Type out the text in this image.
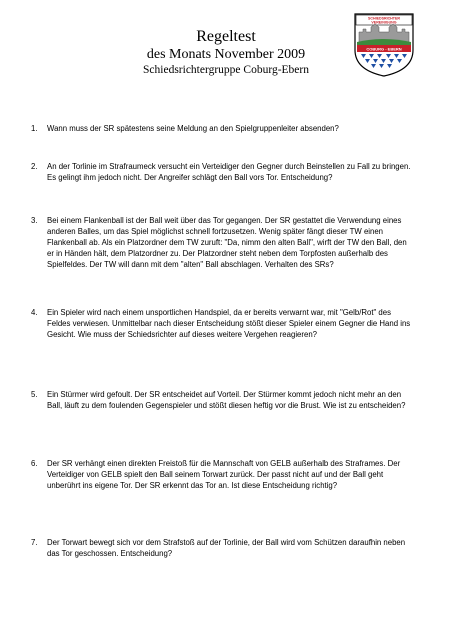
Regeltest

des Monats November 2009

Schiedsrichtergruppe Coburg-Ebern

SCHIEDSRICHTER
VEREINIGUNG
COBURG - EBERN
1. Wann muss der SR spätestens seine Meldung an den Spielgruppenleiter absenden?
2. An der Torlinie im Strafraumeck versucht ein Verteidiger den Gegner durch Beinstellen zu Fall zu bringen. Es gelingt ihm jedoch nicht. Der Angreifer schlägt den Ball vors Tor. Entscheidung?
3. Bei einem Flankenball ist der Ball weit über das Tor gegangen. Der SR gestattet die Verwendung eines anderen Balles, um das Spiel möglichst schnell fortzusetzen. Wenig später fängt dieser TW einen Flankenball ab. Als ein Platzordner dem TW zuruft: "Da, nimm den alten Ball", wirft der TW den Ball, den er in Händen hält, dem Platzordner zu. Der Platzordner steht neben dem Torpfosten außerhalb des Spielfeldes. Der TW will dann mit dem "alten" Ball abschlagen. Verhalten des SRs?
4. Ein Spieler wird nach einem unsportlichen Handspiel, da er bereits verwarnt war, mit "Gelb/Rot" des Feldes verwiesen. Unmittelbar nach dieser Entscheidung stößt dieser Spieler einem Gegner die Hand ins Gesicht. Wie muss der Schiedsrichter auf dieses weitere Vergehen reagieren?
5. Ein Stürmer wird gefoult. Der SR entscheidet auf Vorteil. Der Stürmer kommt jedoch nicht mehr an den Ball, läuft zu dem foulenden Gegenspieler und stößt diesen heftig vor die Brust. Wie ist zu entscheiden?
6. Der SR verhängt einen direkten Freistoß für die Mannschaft von GELB außerhalb des Straframes. Der Verteidiger von GELB spielt den Ball seinem Torwart zurück. Der passt nicht auf und der Ball geht unberührt ins eigene Tor. Der SR erkennt das Tor an. Ist diese Entscheidung richtig?
7. Der Torwart bewegt sich vor dem Strafstoß auf der Torlinie, der Ball wird vom Schützen daraufhin neben das Tor geschossen. Entscheidung?
